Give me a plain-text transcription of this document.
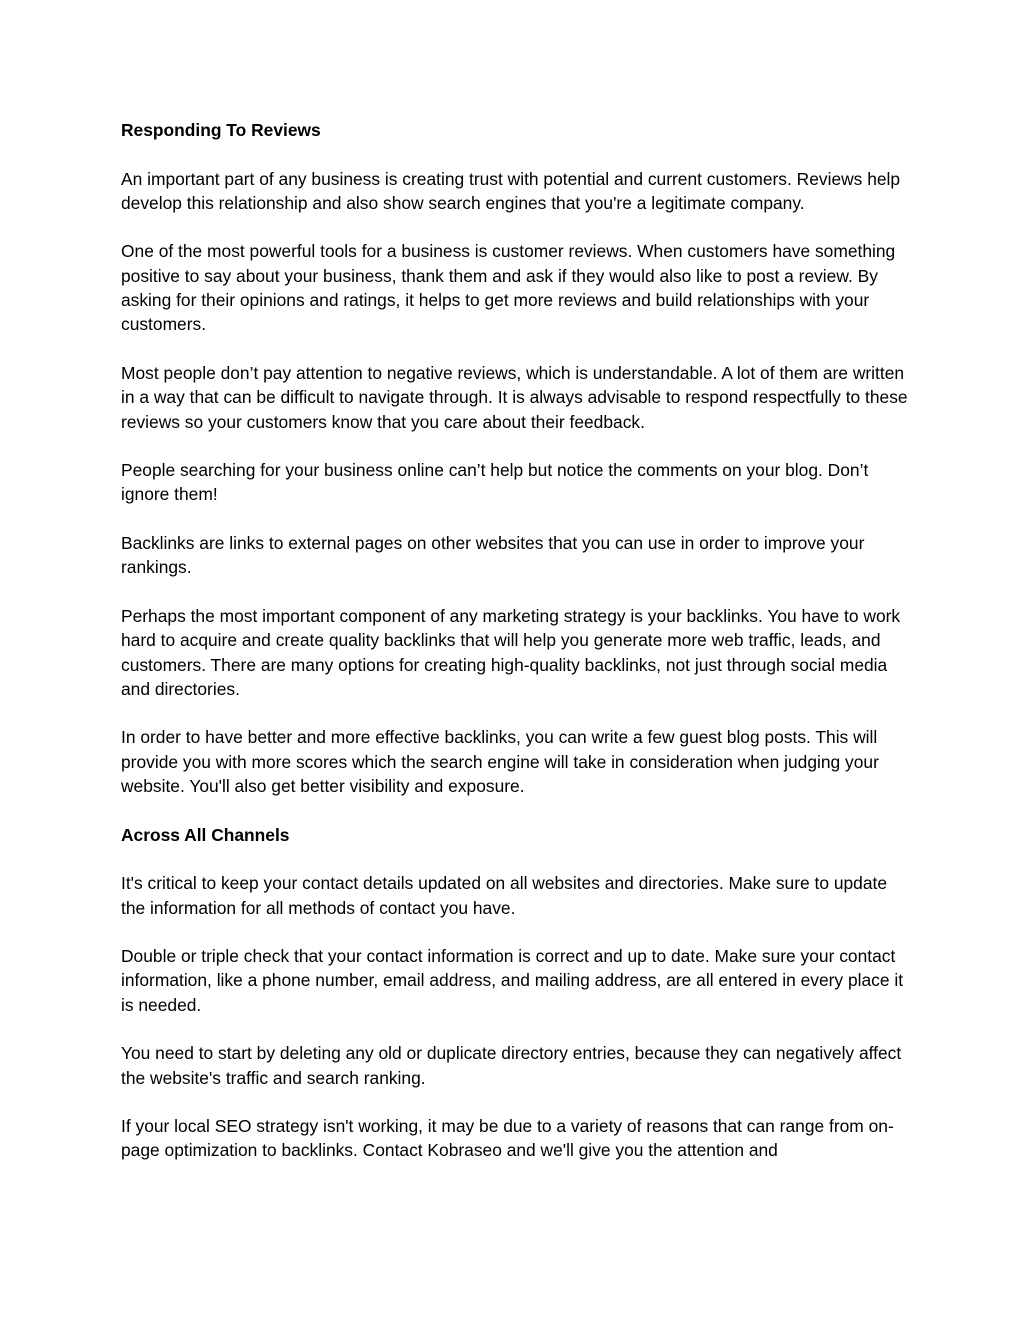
Responding To Reviews

An important part of any business is creating trust with potential and current customers. Reviews help develop this relationship and also show search engines that you're a legitimate company.

One of the most powerful tools for a business is customer reviews. When customers have something positive to say about your business, thank them and ask if they would also like to post a review. By asking for their opinions and ratings, it helps to get more reviews and build relationships with your customers.

Most people don’t pay attention to negative reviews, which is understandable. A lot of them are written in a way that can be difficult to navigate through. It is always advisable to respond respectfully to these reviews so your customers know that you care about their feedback.

People searching for your business online can’t help but notice the comments on your blog. Don’t ignore them!

Backlinks are links to external pages on other websites that you can use in order to improve your rankings.

Perhaps the most important component of any marketing strategy is your backlinks. You have to work hard to acquire and create quality backlinks that will help you generate more web traffic, leads, and customers. There are many options for creating high-quality backlinks, not just through social media and directories.

In order to have better and more effective backlinks, you can write a few guest blog posts. This will provide you with more scores which the search engine will take in consideration when judging your website. You'll also get better visibility and exposure.

Across All Channels

It's critical to keep your contact details updated on all websites and directories. Make sure to update the information for all methods of contact you have.

Double or triple check that your contact information is correct and up to date. Make sure your contact information, like a phone number, email address, and mailing address, are all entered in every place it is needed.

You need to start by deleting any old or duplicate directory entries, because they can negatively affect the website's traffic and search ranking.

If your local SEO strategy isn't working, it may be due to a variety of reasons that can range from on-page optimization to backlinks. Contact Kobraseo and we'll give you the attention and
